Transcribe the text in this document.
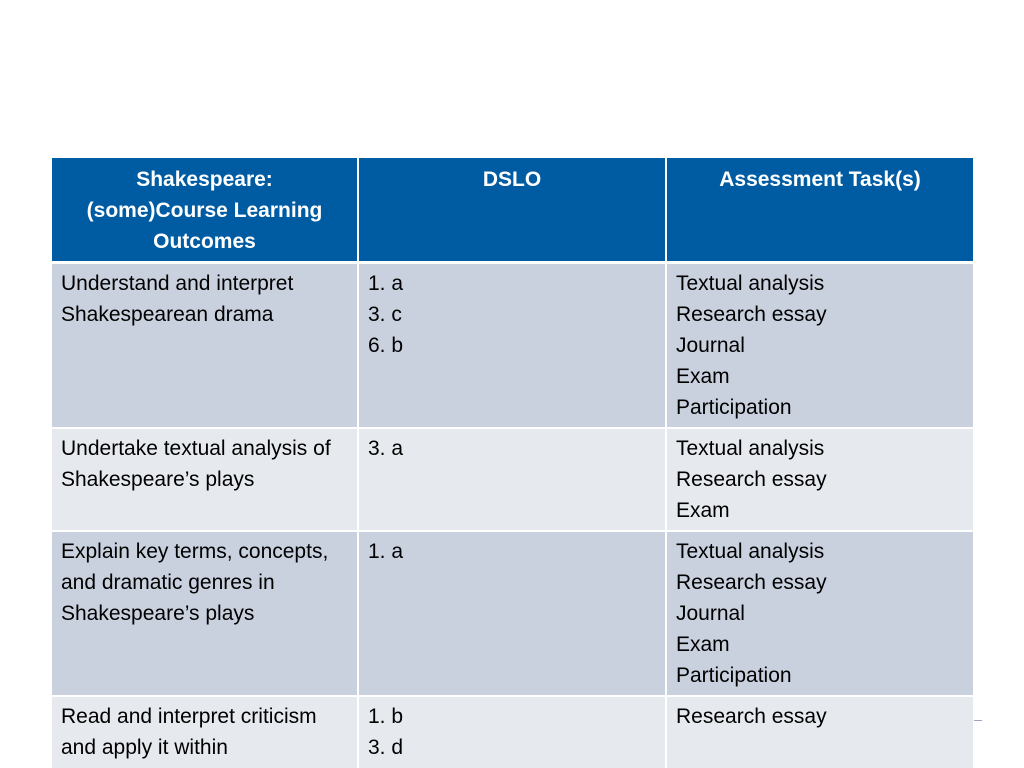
Shakespeare:
(some)Course Learning
Outcomes	DSLO	Assessment Task(s)

Understand and interpret Shakespearean drama	1. a
3. c
6. b	Textual analysis
Research essay
Journal
Exam
Participation

Undertake textual analysis of Shakespeare’s plays	3. a	Textual analysis
Research essay
Exam

Explain key terms, concepts, and dramatic genres in Shakespeare’s plays	1. a	Textual analysis
Research essay
Journal
Exam
Participation

Read and interpret criticism and apply it within	1. b
3. d	Research essay
